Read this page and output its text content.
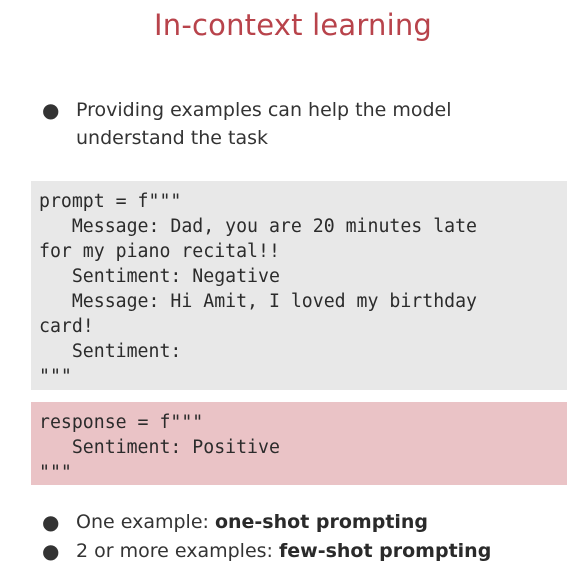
In-context learning
● Providing examples can help the model understand the task
prompt = f"""
Message: Dad, you are 20 minutes late
for my piano recital!!
Sentiment: Negative
Message: Hi Amit, I loved my birthday
card!
Sentiment:
"""
response = f"""
Sentiment: Positive
"""
● One example: one-shot prompting
● 2 or more examples: few-shot prompting
